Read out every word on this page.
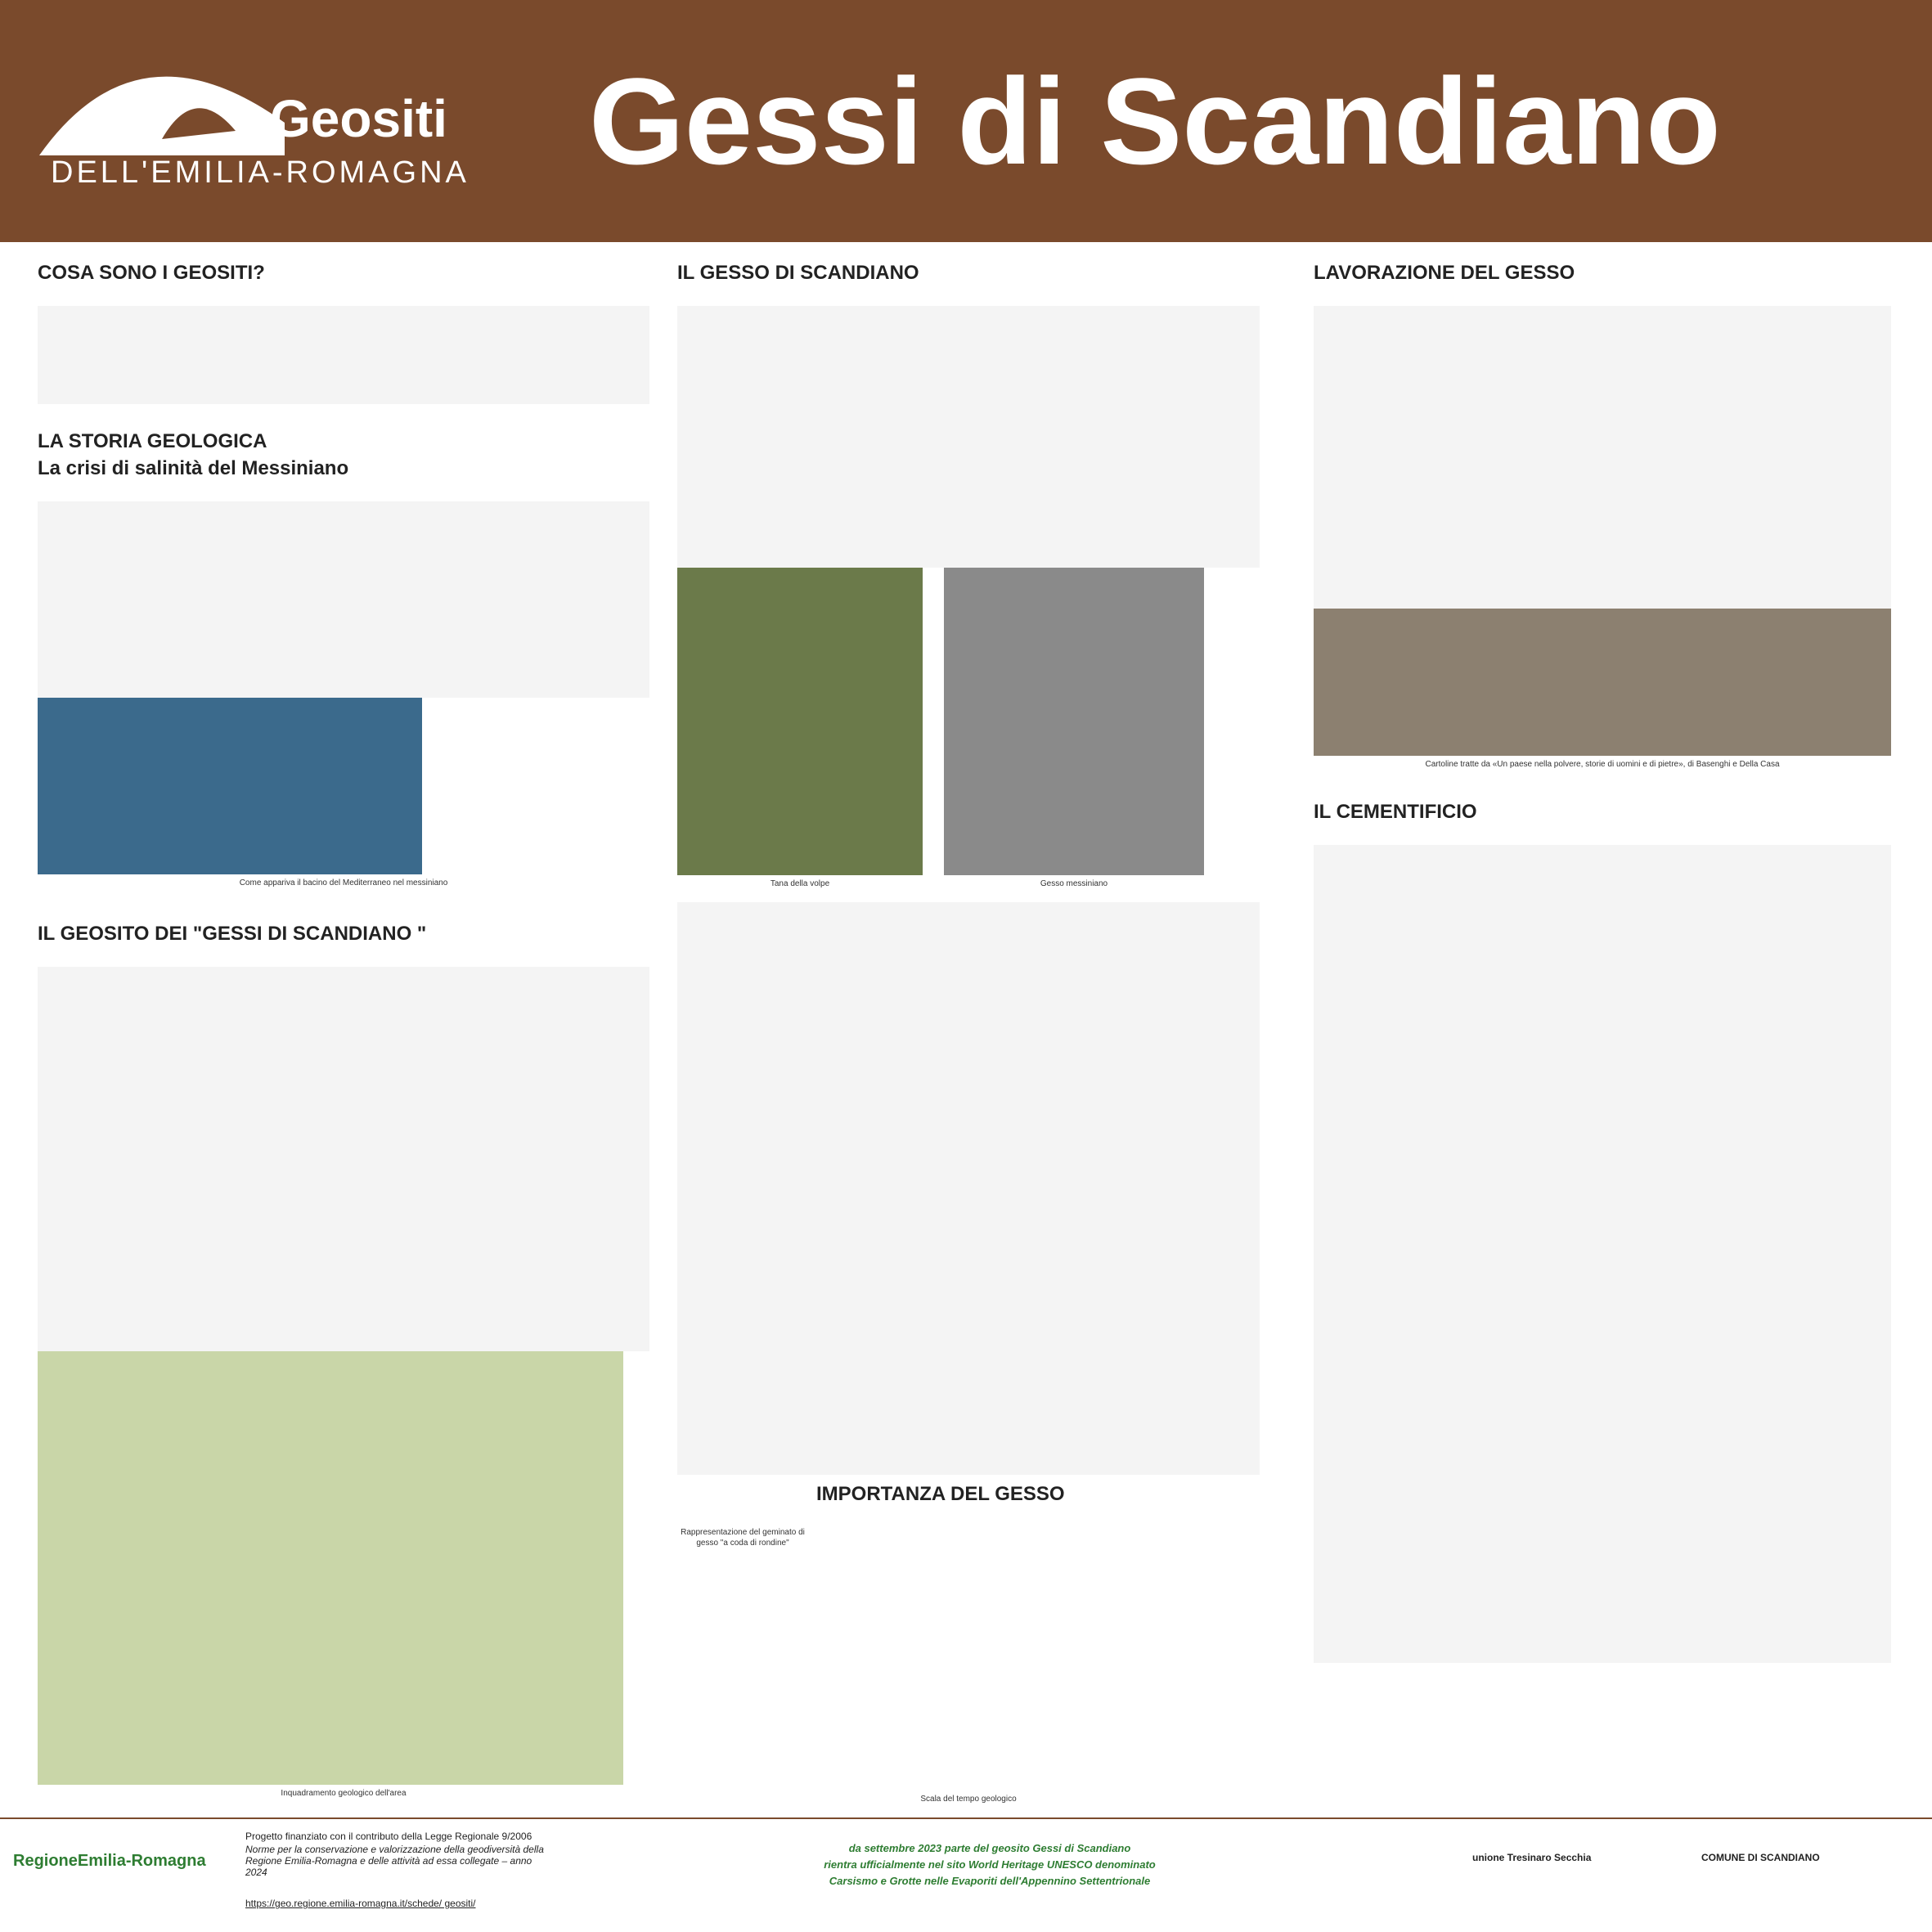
Geositi
DELL'EMILIA-ROMAGNA Gessi di Scandiano
COSA SONO I GEOSITI?
LA STORIA GEOLOGICA
La crisi di salinità del Messiniano
Come appariva il bacino del Mediterraneo nel messiniano
IL GEOSITO DEI "GESSI DI SCANDIANO "
Inquadramento geologico dell'area
IL GESSO DI SCANDIANO
Tana della volpe	Gesso messiniano
IMPORTANZA DEL GESSO
Rappresentazione del geminato di gesso "a coda di rondine"
Scala del tempo geologico
LAVORAZIONE DEL GESSO
Cartoline tratte da «Un paese nella polvere, storie di uomini e di pietre», di Basenghi e Della Casa
IL CEMENTIFICIO
RegioneEmilia-Romagna
Progetto finanziato con il contributo della Legge Regionale 9/2006
Norme per la conservazione e valorizzazione della geodiversità della Regione Emilia-Romagna e delle attività ad essa collegate – anno 2024
https://geo.regione.emilia-romagna.it/schede/ geositi/
da settembre 2023 parte del geosito Gessi di Scandiano
rientra ufficialmente nel sito World Heritage UNESCO denominato
Carsismo e Grotte nelle Evaporiti dell'Appennino Settentrionale
unione Tresinaro Secchia	COMUNE DI SCANDIANO
